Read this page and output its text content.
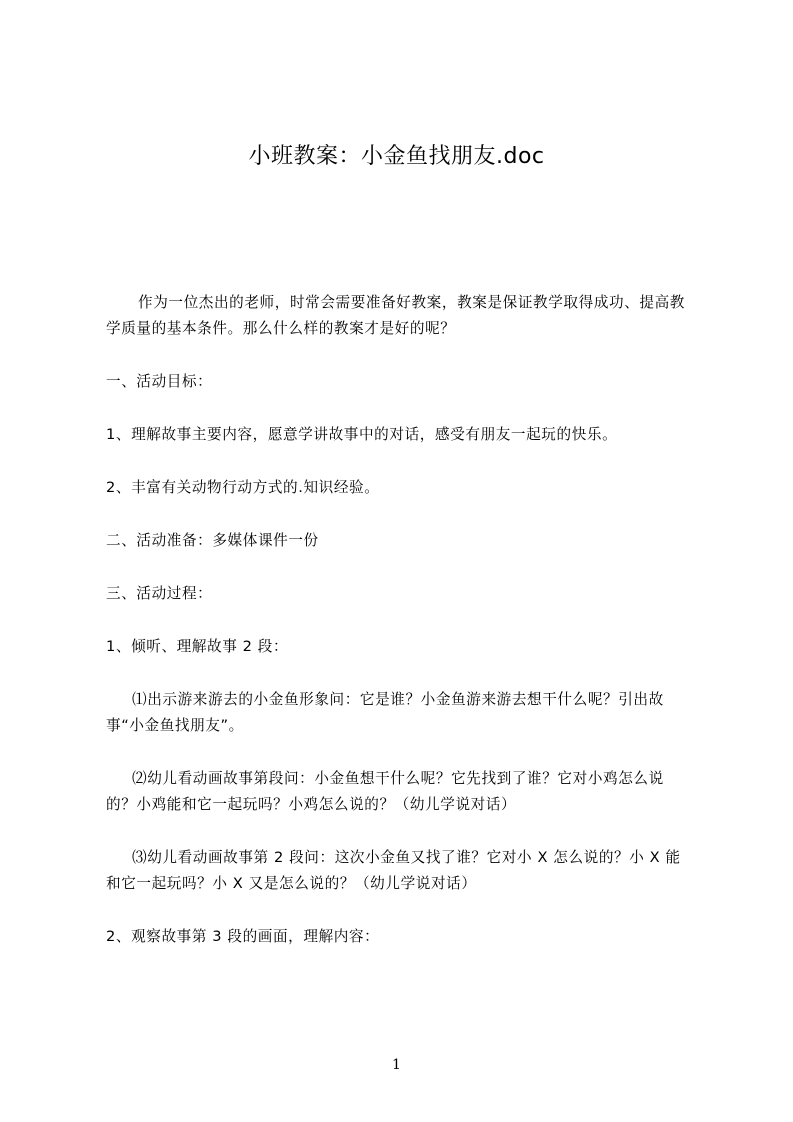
小班教案：小金鱼找朋友.doc

作为一位杰出的老师，时常会需要准备好教案，教案是保证教学取得成功、提高教学质量的基本条件。那么什么样的教案才是好的呢？

一、活动目标：

1、理解故事主要内容，愿意学讲故事中的对话，感受有朋友一起玩的快乐。

2、丰富有关动物行动方式的.知识经验。

二、活动准备：多媒体课件一份

三、活动过程：

1、倾听、理解故事 2 段：

⑴出示游来游去的小金鱼形象问：它是谁？小金鱼游来游去想干什么呢？引出故事“小金鱼找朋友”。

⑵幼儿看动画故事第段问：小金鱼想干什么呢？它先找到了谁？它对小鸡怎么说的？小鸡能和它一起玩吗？小鸡怎么说的？（幼儿学说对话）

⑶幼儿看动画故事第 2 段问：这次小金鱼又找了谁？它对小 X 怎么说的？小 X 能和它一起玩吗？小 X 又是怎么说的？（幼儿学说对话）

2、观察故事第 3 段的画面，理解内容：

1
